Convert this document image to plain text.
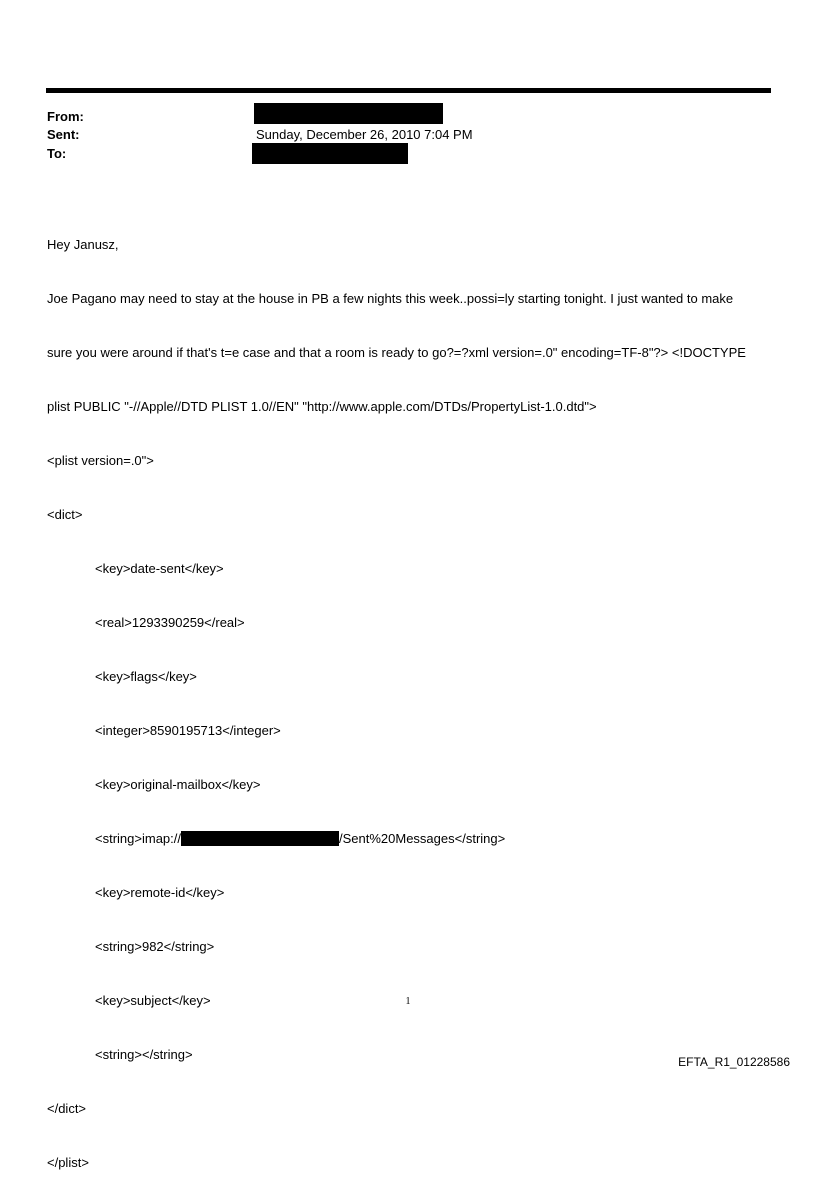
From:
Sent:	Sunday, December 26, 2010 7:04 PM
To:

Hey Janusz,

Joe Pagano may need to stay at the house in PB a few nights this week..possi=ly starting tonight. I just wanted to make

sure you were around if that's t=e case and that a room is ready to go?=?xml version=.0" encoding=TF-8"?> <!DOCTYPE

plist PUBLIC "-//Apple//DTD PLIST 1.0//EN" "http://www.apple.com/DTDs/PropertyList-1.0.dtd">

<plist version=.0">

<dict>

<key>date-sent</key>

<real>1293390259</real>

<key>flags</key>

<integer>8590195713</integer>

<key>original-mailbox</key>

<string>imap://	/Sent%20Messages</string>

<key>remote-id</key>

<string>982</string>

<key>subject</key>

<string></string>

</dict>

</plist>

1
EFTA_R1_01228586
